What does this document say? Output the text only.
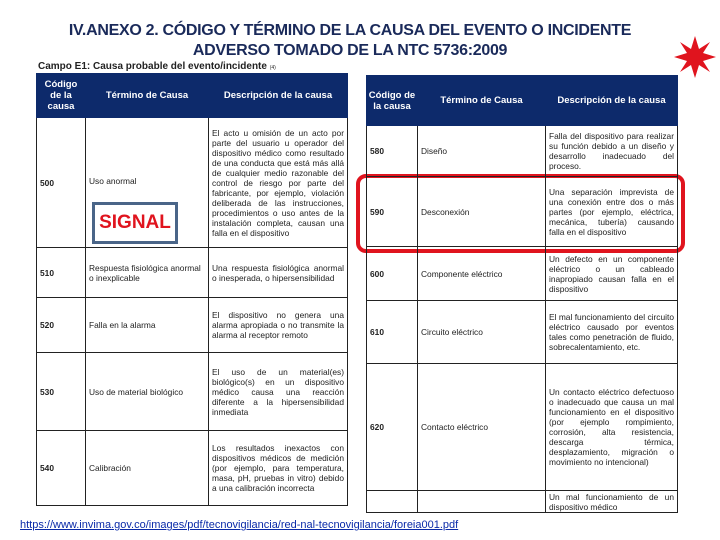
IV.ANEXO 2. CÓDIGO Y TÉRMINO DE LA CAUSA DEL EVENTO O INCIDENTE
ADVERSO TOMADO DE LA NTC 5736:2009
Campo E1: Causa probable del evento/incidente (4)
Código de la causa	Término de Causa	Descripción de la causa
500	Uso anormal	El acto u omisión de un acto por parte del usuario u operador del dispositivo médico como resultado de una conducta que está más allá de cualquier medio razonable del control de riesgo por parte del fabricante, por ejemplo, violación deliberada de las instrucciones, procedimientos o uso antes de la instalación completa, causan una falla en el dispositivo

510	Respuesta fisiológica anormal o inexplicable	Una respuesta fisiológica anormal o inesperada, o hipersensibilidad

520	Falla en la alarma	El dispositivo no genera una alarma apropiada o no transmite la alarma al receptor remoto

530	Uso de material biológico	El uso de un material(es) biológico(s) en un dispositivo médico causa una reacción diferente a la hipersensibilidad inmediata

540	Calibración	Los resultados inexactos con dispositivos médicos de medición (por ejemplo, para temperatura, masa, pH, pruebas in vitro) debido a una calibración incorrecta
Código de la causa	Término de Causa	Descripción de la causa
580	Diseño	Falla del dispositivo para realizar su función debido a un diseño y desarrollo inadecuado del proceso.

590	Desconexión	Una separación imprevista de una conexión entre dos o más partes (por ejemplo, eléctrica, mecánica, tubería) causando falla en el dispositivo

600	Componente eléctrico	Un defecto en un componente eléctrico o un cableado inapropiado causan falla en el dispositivo

610	Circuito eléctrico	El mal funcionamiento del circuito eléctrico causado por eventos tales como penetración de fluido, sobrecalentamiento, etc.

620	Contacto eléctrico	Un contacto eléctrico defectuoso o inadecuado que causa un mal funcionamiento en el dispositivo (por ejemplo rompimiento, corrosión, alta resistencia, descarga térmica, desplazamiento, migración o movimiento no intencional)

		Un mal funcionamiento de un dispositivo médico
SIGNAL
https://www.invima.gov.co/images/pdf/tecnovigilancia/red-nal-tecnovigilancia/foreia001.pdf
